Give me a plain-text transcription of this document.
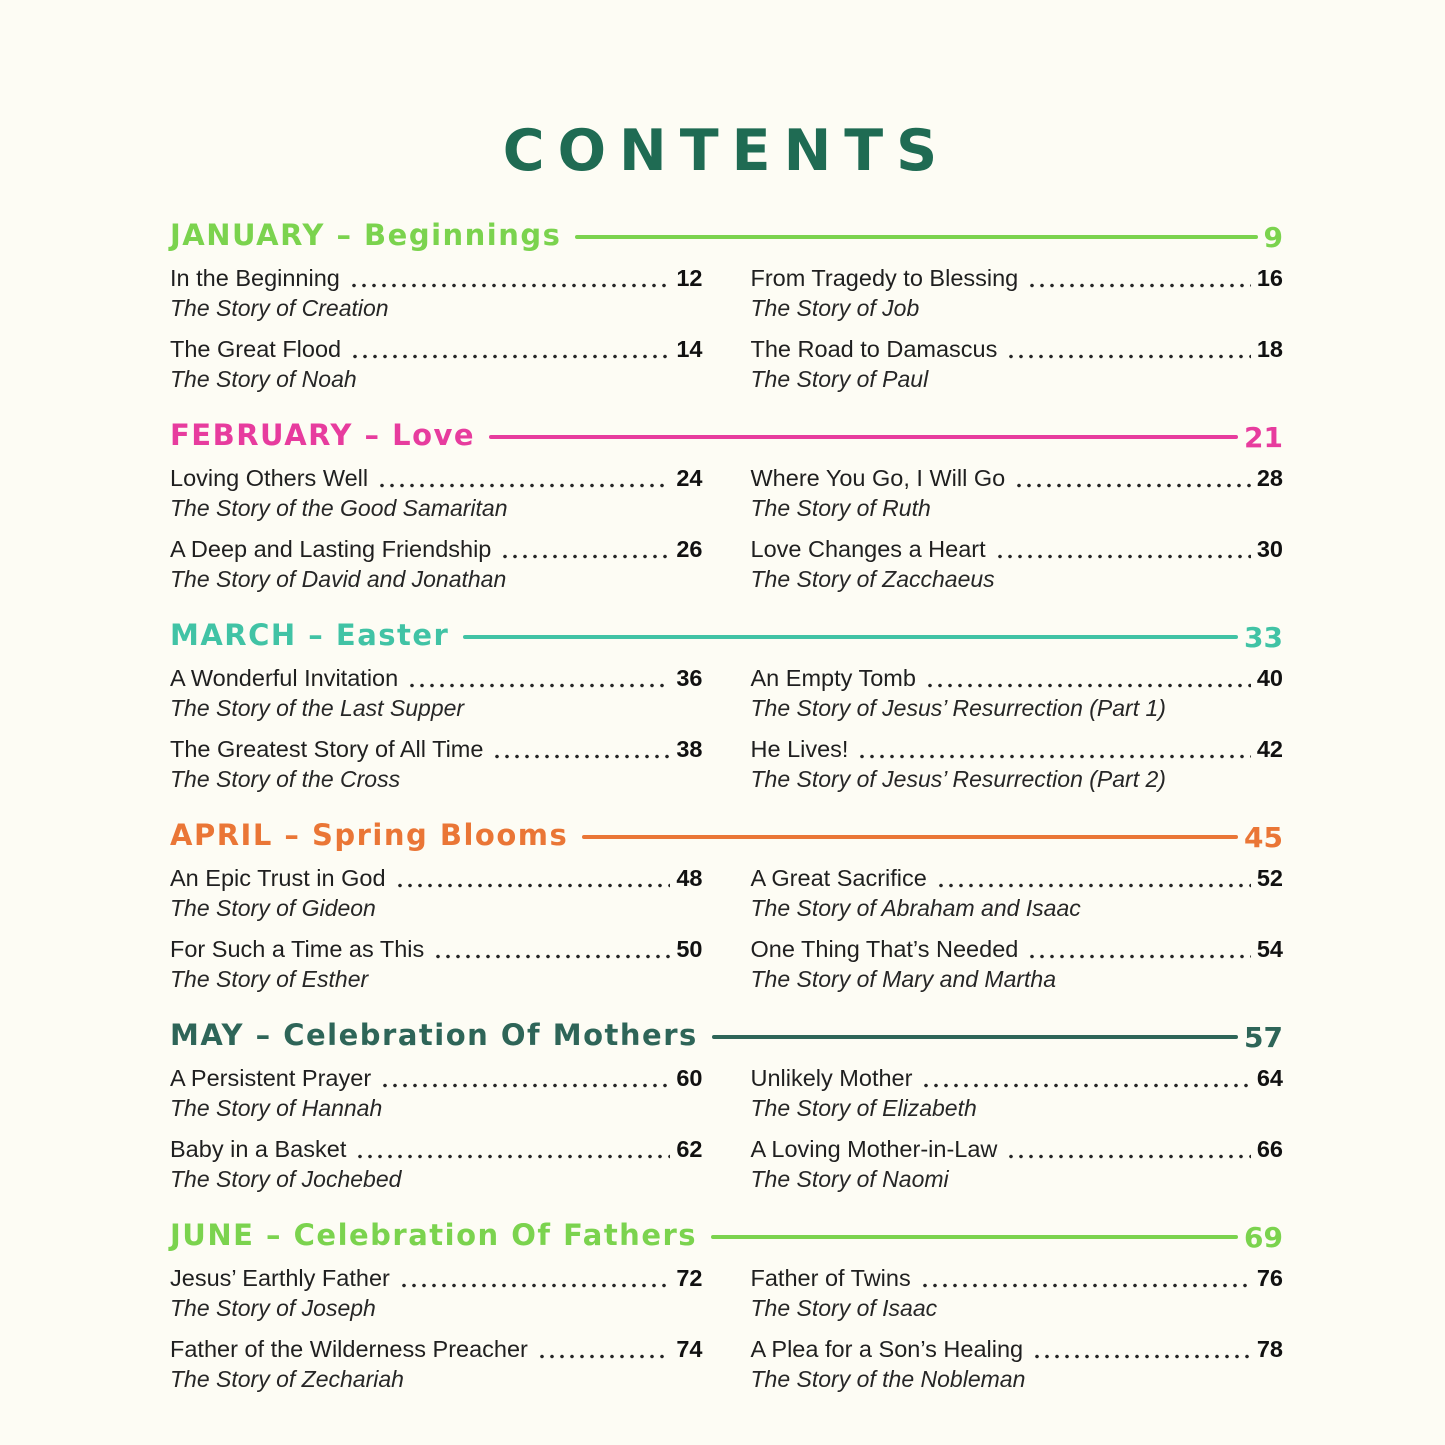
CONTENTS
JANUARY – Beginnings	9
In the Beginning	12
The Story of Creation
The Great Flood	14
The Story of Noah
From Tragedy to Blessing	16
The Story of Job
The Road to Damascus	18
The Story of Paul
FEBRUARY – Love	21
Loving Others Well	24
The Story of the Good Samaritan
A Deep and Lasting Friendship	26
The Story of David and Jonathan
Where You Go, I Will Go	28
The Story of Ruth
Love Changes a Heart	30
The Story of Zacchaeus
MARCH – Easter	33
A Wonderful Invitation	36
The Story of the Last Supper
The Greatest Story of All Time	38
The Story of the Cross
An Empty Tomb	40
The Story of Jesus’ Resurrection (Part 1)
He Lives!	42
The Story of Jesus’ Resurrection (Part 2)
APRIL – Spring Blooms	45
An Epic Trust in God	48
The Story of Gideon
For Such a Time as This	50
The Story of Esther
A Great Sacrifice	52
The Story of Abraham and Isaac
One Thing That’s Needed	54
The Story of Mary and Martha
MAY – Celebration Of Mothers	57
A Persistent Prayer	60
The Story of Hannah
Baby in a Basket	62
The Story of Jochebed
Unlikely Mother	64
The Story of Elizabeth
A Loving Mother-in-Law	66
The Story of Naomi
JUNE – Celebration Of Fathers	69
Jesus’ Earthly Father	72
The Story of Joseph
Father of the Wilderness Preacher	74
The Story of Zechariah
Father of Twins	76
The Story of Isaac
A Plea for a Son’s Healing	78
The Story of the Nobleman
